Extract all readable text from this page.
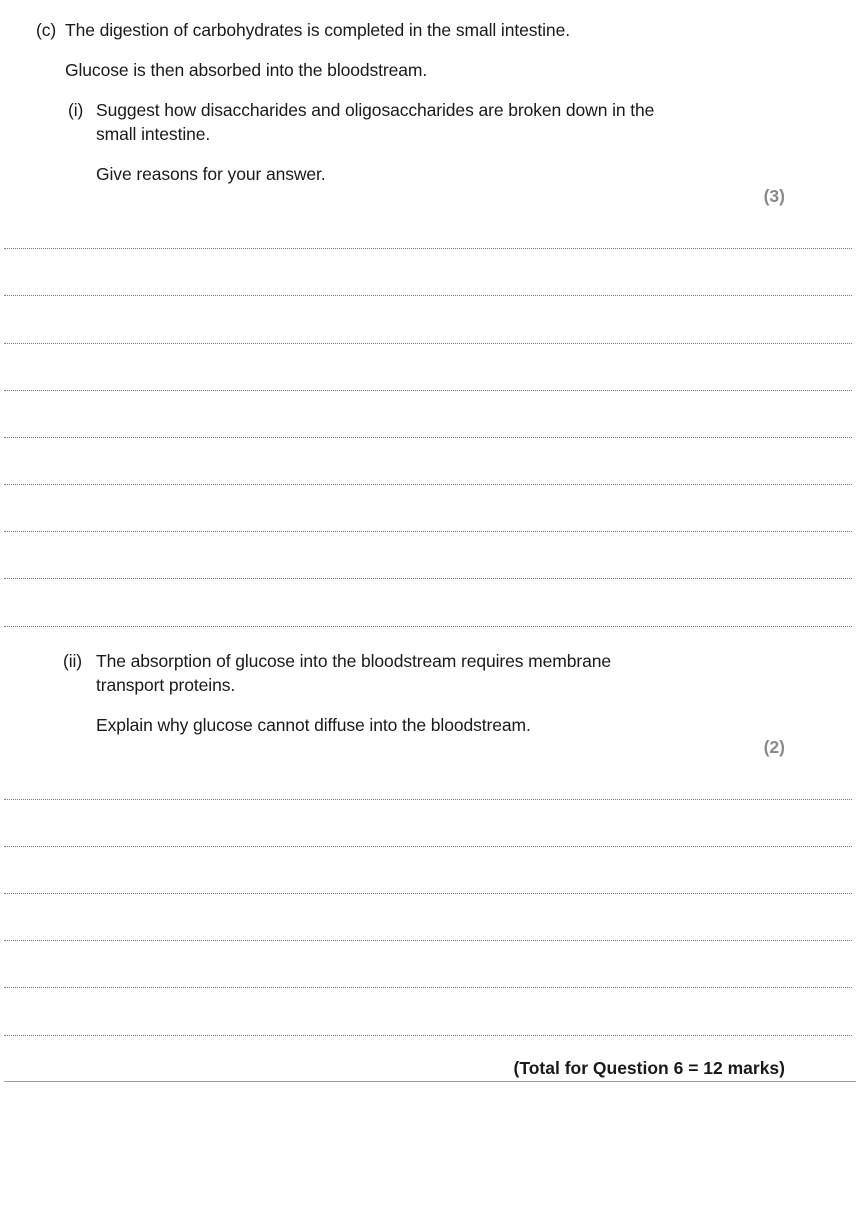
(c) The digestion of carbohydrates is completed in the small intestine.
Glucose is then absorbed into the bloodstream.
(i) Suggest how disaccharides and oligosaccharides are broken down in the
small intestine.
Give reasons for your answer.
(3)
(ii) The absorption of glucose into the bloodstream requires membrane
transport proteins.
Explain why glucose cannot diffuse into the bloodstream.
(2)
(Total for Question 6 = 12 marks)
